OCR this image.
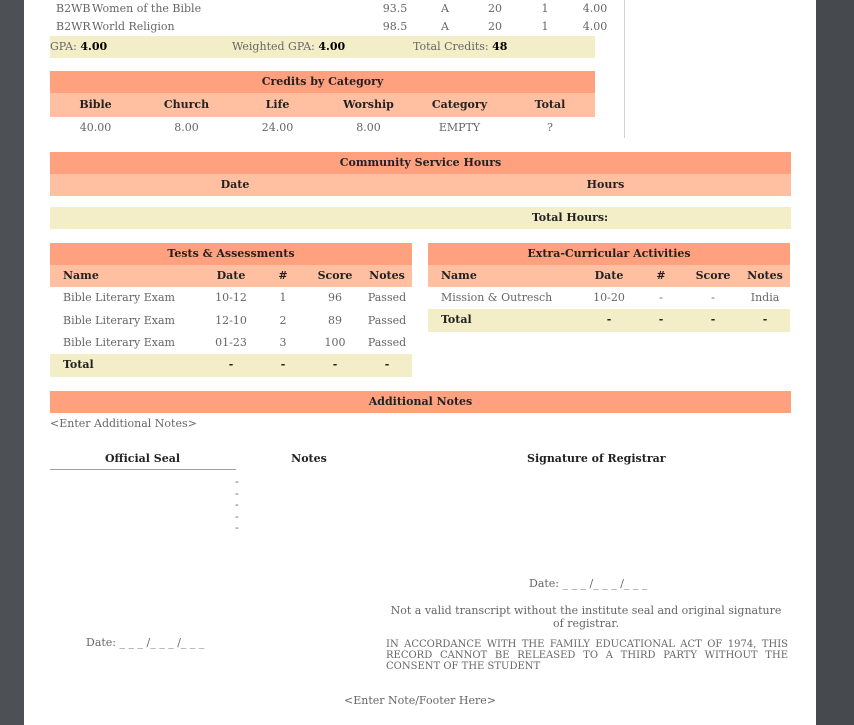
B2WB Women of the Bible	93.5	A	20	1	4.00
B2WR World Religion	98.5	A	20	1	4.00
GPA: 4.00	Weighted GPA: 4.00	Total Credits: 48
Credits by Category
Bible	Church	Life	Worship	Category	Total
40.00	8.00	24.00	8.00	EMPTY	?
Community Service Hours
Date	Hours
Total Hours:
Tests & Assessments
Name	Date	#	Score	Notes
Bible Literary Exam	10-12	1	96	Passed
Bible Literary Exam	12-10	2	89	Passed
Bible Literary Exam	01-23	3	100	Passed
Total	-	-	-	-
Extra-Curricular Activities
Name	Date	#	Score	Notes
Mission & Outresch	10-20	-	-	India
Total	-	-	-	-
Additional Notes
<Enter Additional Notes>
Official Seal	Notes	Signature of Registrar
-
-
-
-
-
Date: _ _ _ /_ _ _ /_ _ _
Not a valid transcript without the institute seal and original signature of registrar.
Date: _ _ _ /_ _ _ /_ _ _	IN ACCORDANCE WITH THE FAMILY EDUCATIONAL ACT OF 1974, THIS RECORD CANNOT BE RELEASED TO A THIRD PARTY WITHOUT THE CONSENT OF THE STUDENT
<Enter Note/Footer Here>
